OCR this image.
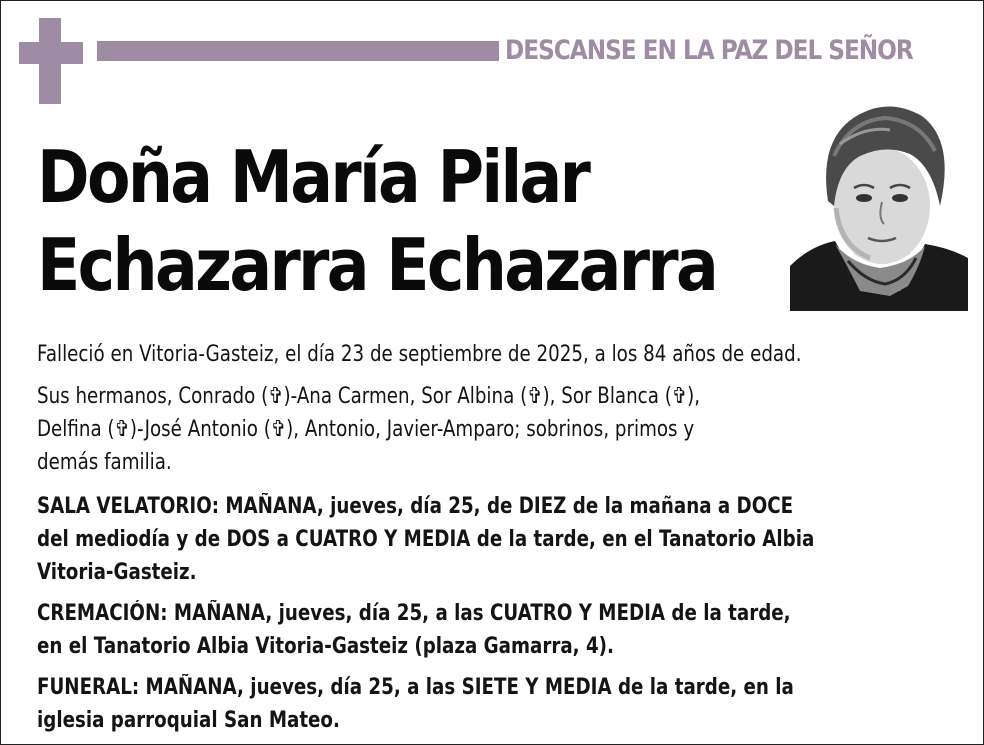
DESCANSE EN LA PAZ DEL SEÑOR
Doña María Pilar
Echazarra Echazarra

Falleció en Vitoria-Gasteiz, el día 23 de septiembre de 2025, a los 84 años de edad.

Sus hermanos, Conrado (✞)-Ana Carmen, Sor Albina (✞), Sor Blanca (✞),

Delfina (✞)-José Antonio (✞), Antonio, Javier-Amparo; sobrinos, primos y

demás familia.

SALA VELATORIO: MAÑANA, jueves, día 25, de DIEZ de la mañana a DOCE

del mediodía y de DOS a CUATRO Y MEDIA de la tarde, en el Tanatorio Albia

Vitoria-Gasteiz.

CREMACIÓN: MAÑANA, jueves, día 25, a las CUATRO Y MEDIA de la tarde,

en el Tanatorio Albia Vitoria-Gasteiz (plaza Gamarra, 4).

FUNERAL: MAÑANA, jueves, día 25, a las SIETE Y MEDIA de la tarde, en la

iglesia parroquial San Mateo.
